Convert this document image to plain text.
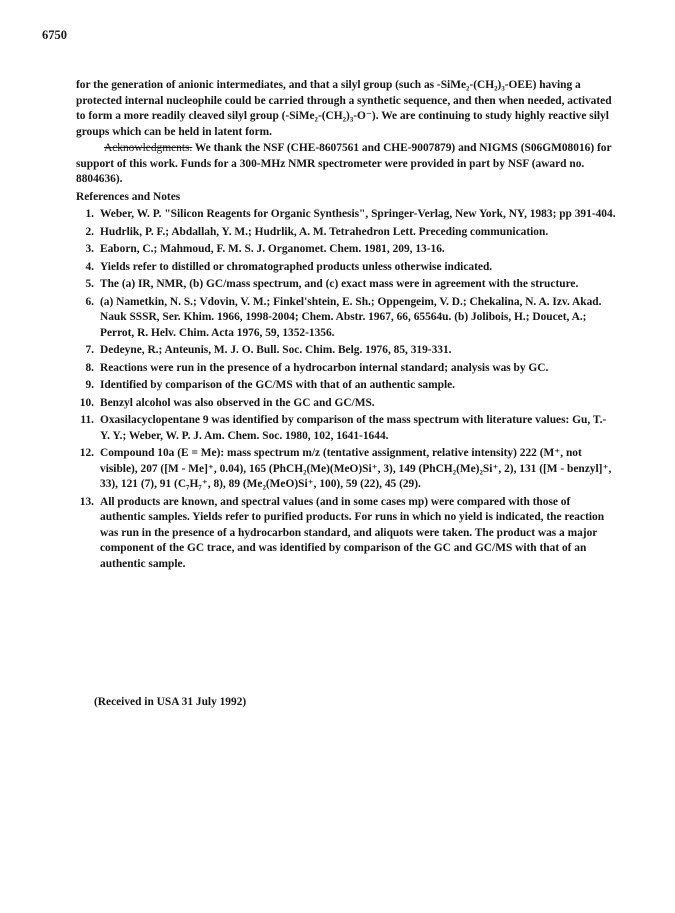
6750

for the generation of anionic intermediates, and that a silyl group (such as -SiMe₂-(CH₂)₃-OEE) having a protected internal nucleophile could be carried through a synthetic sequence, and then when needed, activated to form a more readily cleaved silyl group (-SiMe₂-(CH₂)₃-O⁻). We are continuing to study highly reactive silyl groups which can be held in latent form.

Acknowledgments. We thank the NSF (CHE-8607561 and CHE-9007879) and NIGMS (S06GM08016) for support of this work. Funds for a 300-MHz NMR spectrometer were provided in part by NSF (award no. 8804636).

References and Notes

1. Weber, W. P. "Silicon Reagents for Organic Synthesis", Springer-Verlag, New York, NY, 1983; pp 391-404.
2. Hudrlik, P. F.; Abdallah, Y. M.; Hudrlik, A. M. Tetrahedron Lett. Preceding communication.
3. Eaborn, C.; Mahmoud, F. M. S. J. Organomet. Chem. 1981, 209, 13-16.
4. Yields refer to distilled or chromatographed products unless otherwise indicated.
5. The (a) IR, NMR, (b) GC/mass spectrum, and (c) exact mass were in agreement with the structure.
6. (a) Nametkin, N. S.; Vdovin, V. M.; Finkel'shtein, E. Sh.; Oppengeim, V. D.; Chekalina, N. A. Izv. Akad. Nauk SSSR, Ser. Khim. 1966, 1998-2004; Chem. Abstr. 1967, 66, 65564u. (b) Jolibois, H.; Doucet, A.; Perrot, R. Helv. Chim. Acta 1976, 59, 1352-1356.
7. Dedeyne, R.; Anteunis, M. J. O. Bull. Soc. Chim. Belg. 1976, 85, 319-331.
8. Reactions were run in the presence of a hydrocarbon internal standard; analysis was by GC.
9. Identified by comparison of the GC/MS with that of an authentic sample.
10. Benzyl alcohol was also observed in the GC and GC/MS.
11. Oxasilacyclopentane 9 was identified by comparison of the mass spectrum with literature values: Gu, T.-Y. Y.; Weber, W. P. J. Am. Chem. Soc. 1980, 102, 1641-1644.
12. Compound 10a (E = Me): mass spectrum m/z (tentative assignment, relative intensity) 222 (M⁺, not visible), 207 ([M - Me]⁺, 0.04), 165 (PhCH₂(Me)(MeO)Si⁺, 3), 149 (PhCH₂(Me)₂Si⁺, 2), 131 ([M - benzyl]⁺, 33), 121 (7), 91 (C₇H₇⁺, 8), 89 (Me₂(MeO)Si⁺, 100), 59 (22), 45 (29).
13. All products are known, and spectral values (and in some cases mp) were compared with those of authentic samples. Yields refer to purified products. For runs in which no yield is indicated, the reaction was run in the presence of a hydrocarbon standard, and aliquots were taken. The product was a major component of the GC trace, and was identified by comparison of the GC and GC/MS with that of an authentic sample.
(Received in USA 31 July 1992)
